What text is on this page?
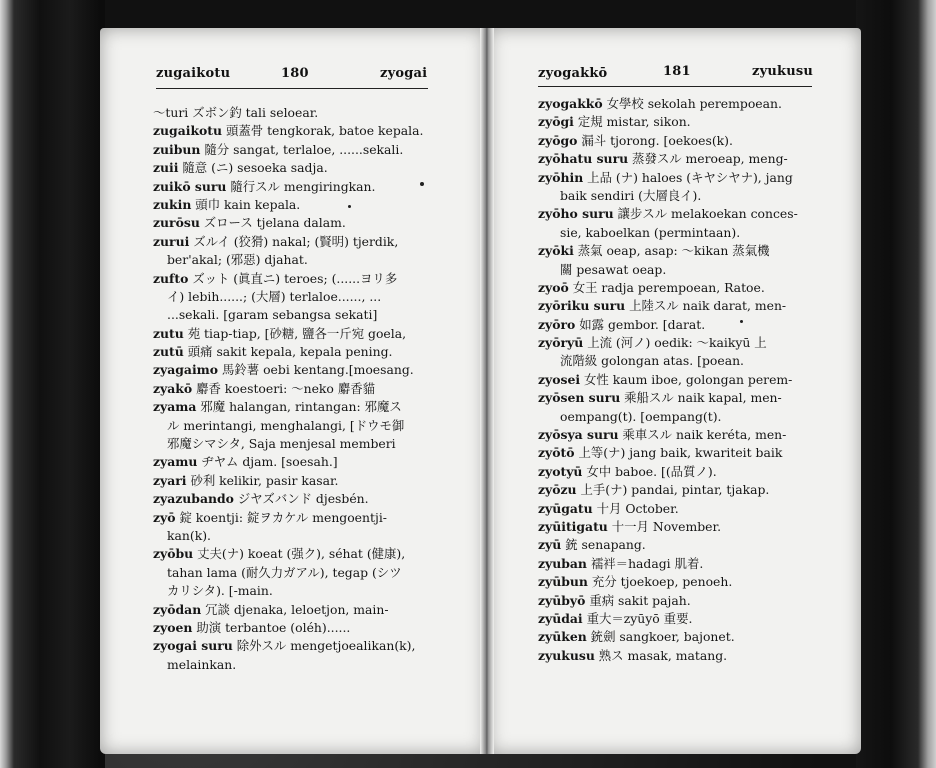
zugaikotu	180	zyogai	zyogakkō	181	zyukusu
～turi ズボン釣 tali seloear.
zugaikotu 頭蓋骨 tengkorak, batoe kepala.
zuibun 隨分 sangat, terlaloe, ......sekali.
zuii 隨意 (ニ) sesoeka sadja.
zuikō suru 隨行スル mengiringkan.
zukin 頭巾 kain kepala.
zurōsu ズロース tjelana dalam.
zurui ズルイ (狡猾) nakal; (賢明) tjerdik,
ber'akal; (邪惡) djahat.
zufto ズット (眞直ニ) teroes; (......ヨリ多
イ) lebih......; (大層) terlaloe......, ...
...sekali. [garam sebangsa sekati]
zutu 苑 tiap-tiap, [砂糖, 鹽各一斤宛 goela,
zutū 頭痛 sakit kepala, kepala pening.
zyagaimo 馬鈴薯 oebi kentang.[moesang.
zyakō 麝香 koestoeri: ～neko 麝香貓
zyama 邪魔 halangan, rintangan: 邪魔ス
ル merintangi, menghalangi, [ドウモ御
邪魔シマシタ, Saja menjesal memberi
zyamu ヂヤム djam. [soesah.]
zyari 砂利 kelikir, pasir kasar.
zyazubando ジヤズバンド djesbén.
zyō 錠 koentji: 錠ヲカケル mengoentji-
kan(k).
zyōbu 丈夫(ナ) koeat (强ク), séhat (健康),
tahan lama (耐久力ガアル), tegap (シツ
カリシタ). [-main.
zyōdan 冗談 djenaka, leloetjon, main-
zyoen 助演 terbantoe (oléh)......
zyogai suru 除外スル mengetjoealikan(k),
melainkan.
zyogakkō 女學校 sekolah perempoean.
zyōgi 定規 mistar, sikon.
zyōgo 漏斗 tjorong. [oekoes(k).
zyōhatu suru 蒸發スル meroeap, meng-
zyōhin 上品 (ナ) haloes (キヤシヤナ), jang
baik sendiri (大層良イ).
zyōho suru 讓步スル melakoekan conces-
sie, kaboelkan (permintaan).
zyōki 蒸氣 oeap, asap: ～kikan 蒸氣機
關 pesawat oeap.
zyoō 女王 radja perempoean, Ratoe.
zyōriku suru 上陸スル naik darat, men-
zyōro 如露 gembor. [darat.
zyōryū 上流 (河ノ) oedik: ～kaikyū 上
流階級 golongan atas. [poean.
zyosei 女性 kaum iboe, golongan perem-
zyōsen suru 乘船スル naik kapal, men-
oempang(t). [oempang(t).
zyōsya suru 乘車スル naik keréta, men-
zyōtō 上等(ナ) jang baik, kwariteit baik
zyotyū 女中 baboe. [(品質ノ).
zyōzu 上手(ナ) pandai, pintar, tjakap.
zyūgatu 十月 October.
zyūitigatu 十一月 November.
zyū 銃 senapang.
zyuban 襦袢＝hadagi 肌着.
zyūbun 充分 tjoekoep, penoeh.
zyūbyō 重病 sakit pajah.
zyūdai 重大＝zyūyō 重要.
zyūken 銃劍 sangkoer, bajonet.
zyukusu 熟ス masak, matang.
